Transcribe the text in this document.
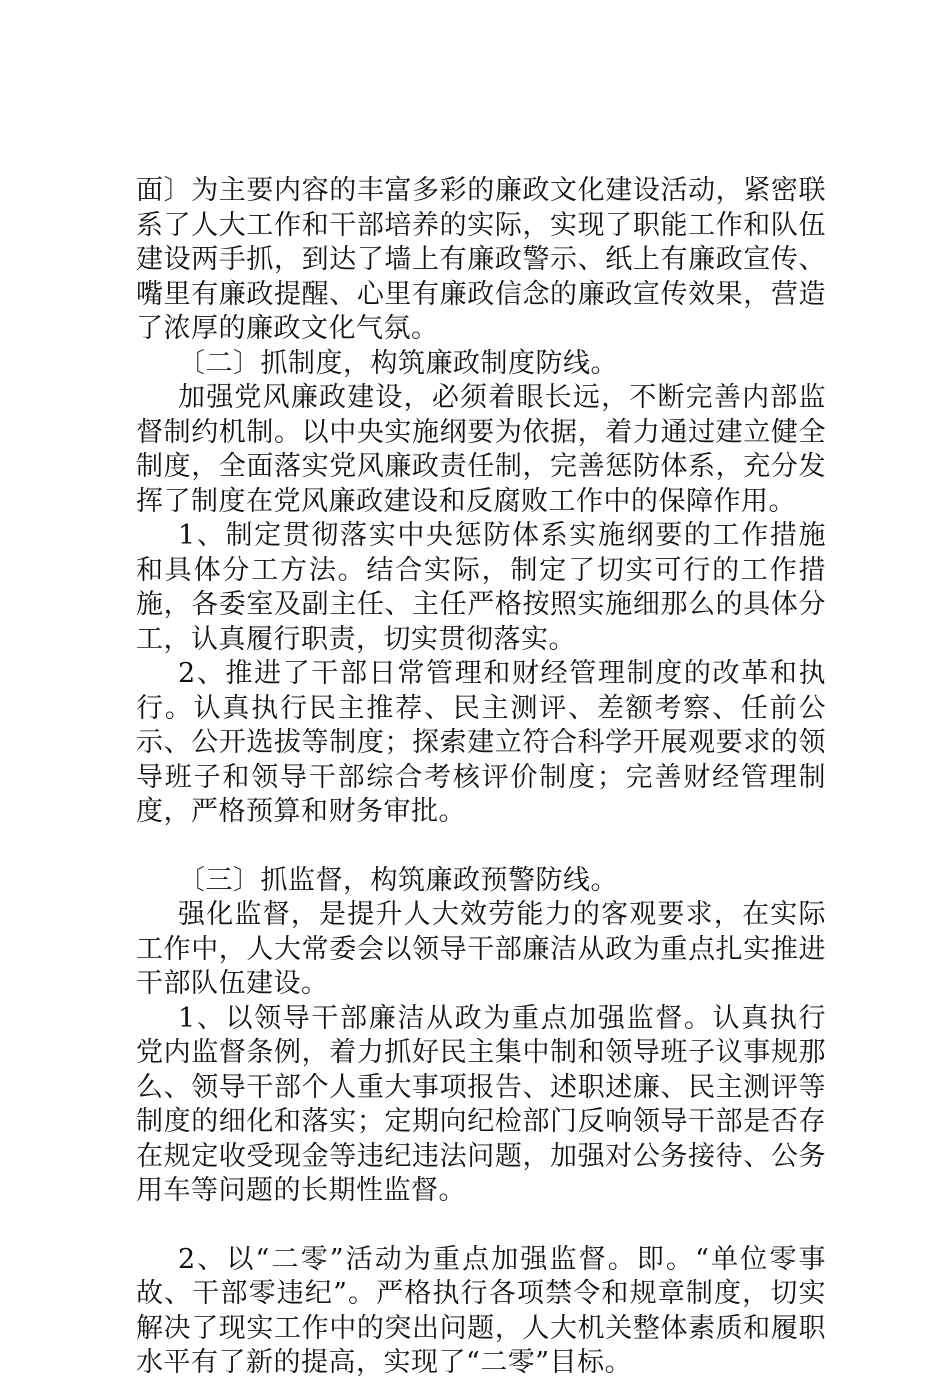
面〕为主要内容的丰富多彩的廉政文化建设活动，紧密联系了人大工作和干部培养的实际，实现了职能工作和队伍建设两手抓，到达了墙上有廉政警示、纸上有廉政宣传、嘴里有廉政提醒、心里有廉政信念的廉政宣传效果，营造了浓厚的廉政文化气氛。

〔二〕抓制度，构筑廉政制度防线。

加强党风廉政建设，必须着眼长远，不断完善内部监督制约机制。以中央实施纲要为依据，着力通过建立健全制度，全面落实党风廉政责任制，完善惩防体系，充分发挥了制度在党风廉政建设和反腐败工作中的保障作用。

1、制定贯彻落实中央惩防体系实施纲要的工作措施和具体分工方法。结合实际，制定了切实可行的工作措施，各委室及副主任、主任严格按照实施细那么的具体分工，认真履行职责，切实贯彻落实。

2、推进了干部日常管理和财经管理制度的改革和执行。认真执行民主推荐、民主测评、差额考察、任前公示、公开选拔等制度；探索建立符合科学开展观要求的领导班子和领导干部综合考核评价制度；完善财经管理制度，严格预算和财务审批。

〔三〕抓监督，构筑廉政预警防线。

强化监督，是提升人大效劳能力的客观要求，在实际工作中，人大常委会以领导干部廉洁从政为重点扎实推进干部队伍建设。

1、以领导干部廉洁从政为重点加强监督。认真执行党内监督条例，着力抓好民主集中制和领导班子议事规那么、领导干部个人重大事项报告、述职述廉、民主测评等制度的细化和落实；定期向纪检部门反响领导干部是否存在规定收受现金等违纪违法问题，加强对公务接待、公务用车等问题的长期性监督。

2、以“二零”活动为重点加强监督。即。“单位零事故、干部零违纪”。严格执行各项禁令和规章制度，切实解决了现实工作中的突出问题，人大机关整体素质和履职水平有了新的提高，实现了“二零”目标。
